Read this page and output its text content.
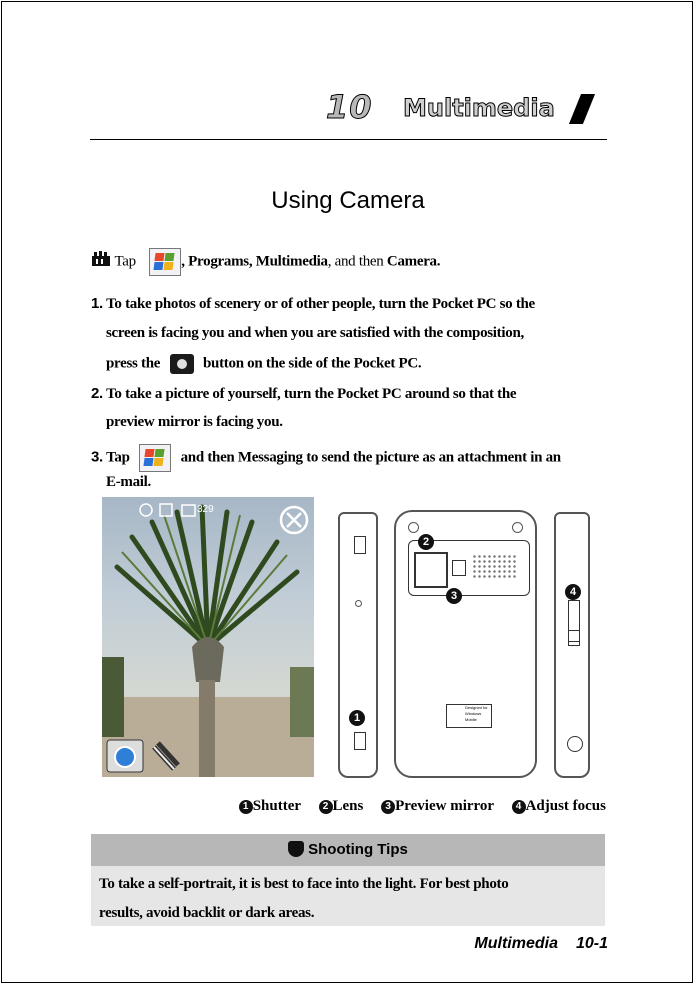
10 Multimedia
Using Camera
Tap	, Programs, Multimedia, and then Camera.
1. To take photos of scenery or of other people, turn the Pocket PC so the
screen is facing you and when you are satisfied with the composition,
press the	button on the side of the Pocket PC.
2. To take a picture of yourself, turn the Pocket PC around so that the
preview mirror is facing you.
3. Tap	and then Messaging to send the picture as an attachment in an
E-mail.
329
1
2
3
Designed for
Windows
Mobile
4
1 Shutter 2 Lens 3 Preview mirror 4 Adjust focus
Shooting Tips
To take a self-portrait, it is best to face into the light. For best photo
results, avoid backlit or dark areas.
Multimedia 10-1
